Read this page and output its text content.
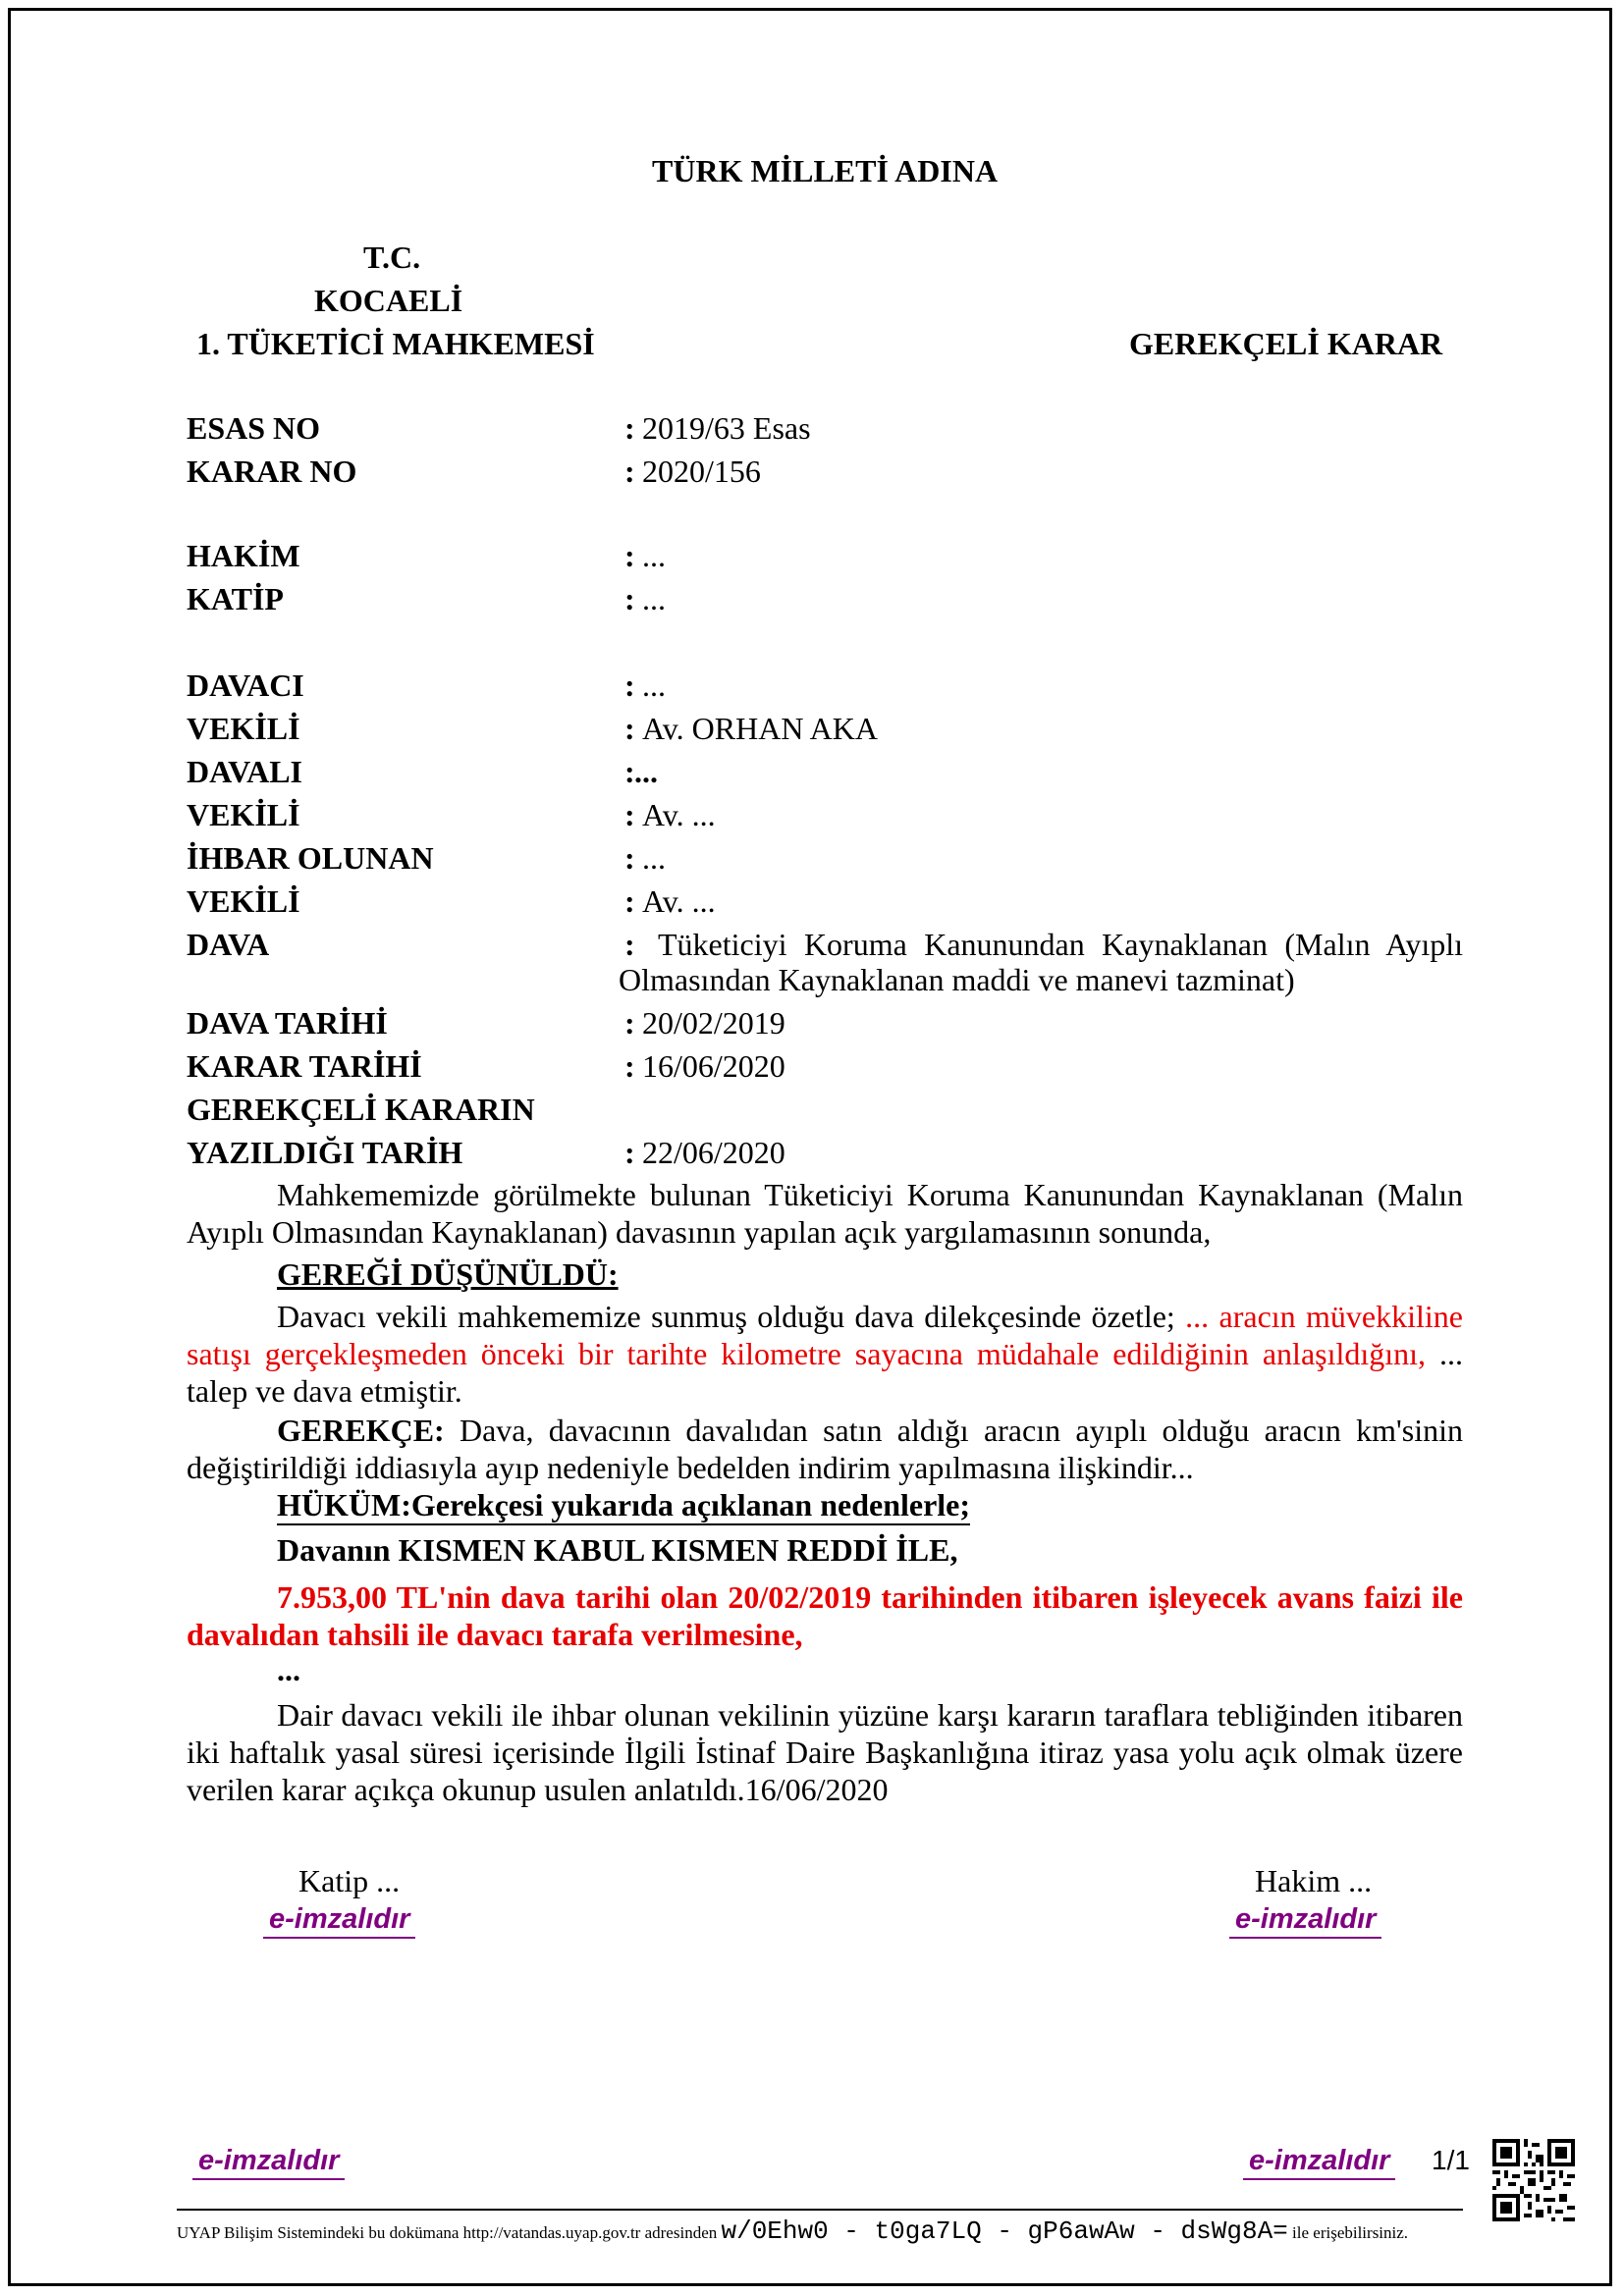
TÜRK MİLLETİ ADINA
T.C.
KOCAELİ
1. TÜKETİCİ MAHKEMESİ	GEREKÇELİ KARAR
ESAS NO	: 2019/63 Esas
KARAR NO	: 2020/156
HAKİM	: ...
KATİP	: ...
DAVACI	: ...
VEKİLİ	: Av. ORHAN AKA
DAVALI	: ...
VEKİLİ	: Av. ...
İHBAR OLUNAN	: ...
VEKİLİ	: Av. ...
DAVA	: Tüketiciyi Koruma Kanunundan Kaynaklanan (Malın Ayıplı
Olmasından Kaynaklanan maddi ve manevi tazminat)
DAVA TARİHİ	: 20/02/2019
KARAR TARİHİ	: 16/06/2020
GEREKÇELİ KARARIN
YAZILDIĞI TARİH	: 22/06/2020
Mahkememizde görülmekte bulunan Tüketiciyi Koruma Kanunundan Kaynaklanan (Malın Ayıplı Olmasından Kaynaklanan) davasının yapılan açık yargılamasının sonunda,
GEREĞİ DÜŞÜNÜLDÜ:
Davacı vekili mahkememize sunmuş olduğu dava dilekçesinde özetle; ... aracın müvekkiline satışı gerçekleşmeden önceki bir tarihte kilometre sayacına müdahale edildiğinin anlaşıldığını, ... talep ve dava etmiştir.
GEREKÇE: Dava, davacının davalıdan satın aldığı aracın ayıplı olduğu aracın km'sinin değiştirildiği iddiasıyla ayıp nedeniyle bedelden indirim yapılmasına ilişkindir...
HÜKÜM:Gerekçesi yukarıda açıklanan nedenlerle;
Davanın KISMEN KABUL KISMEN REDDİ İLE,
7.953,00 TL'nin dava tarihi olan 20/02/2019 tarihinden itibaren işleyecek avans faizi ile davalıdan tahsili ile davacı tarafa verilmesine,
...
Dair davacı vekili ile ihbar olunan vekilinin yüzüne karşı kararın taraflara tebliğinden itibaren iki haftalık yasal süresi içerisinde İlgili İstinaf Daire Başkanlığına itiraz yasa yolu açık olmak üzere verilen karar açıkça okunup usulen anlatıldı.16/06/2020
Katip ...
e-imzalıdır
Hakim ...
e-imzalıdır
e-imzalıdır	e-imzalıdır 1/1
UYAP Bilişim Sistemindeki bu dokümana http://vatandas.uyap.gov.tr adresinden w/0Ehw0 - t0ga7LQ - gP6awAw - dsWg8A= ile erişebilirsiniz.
